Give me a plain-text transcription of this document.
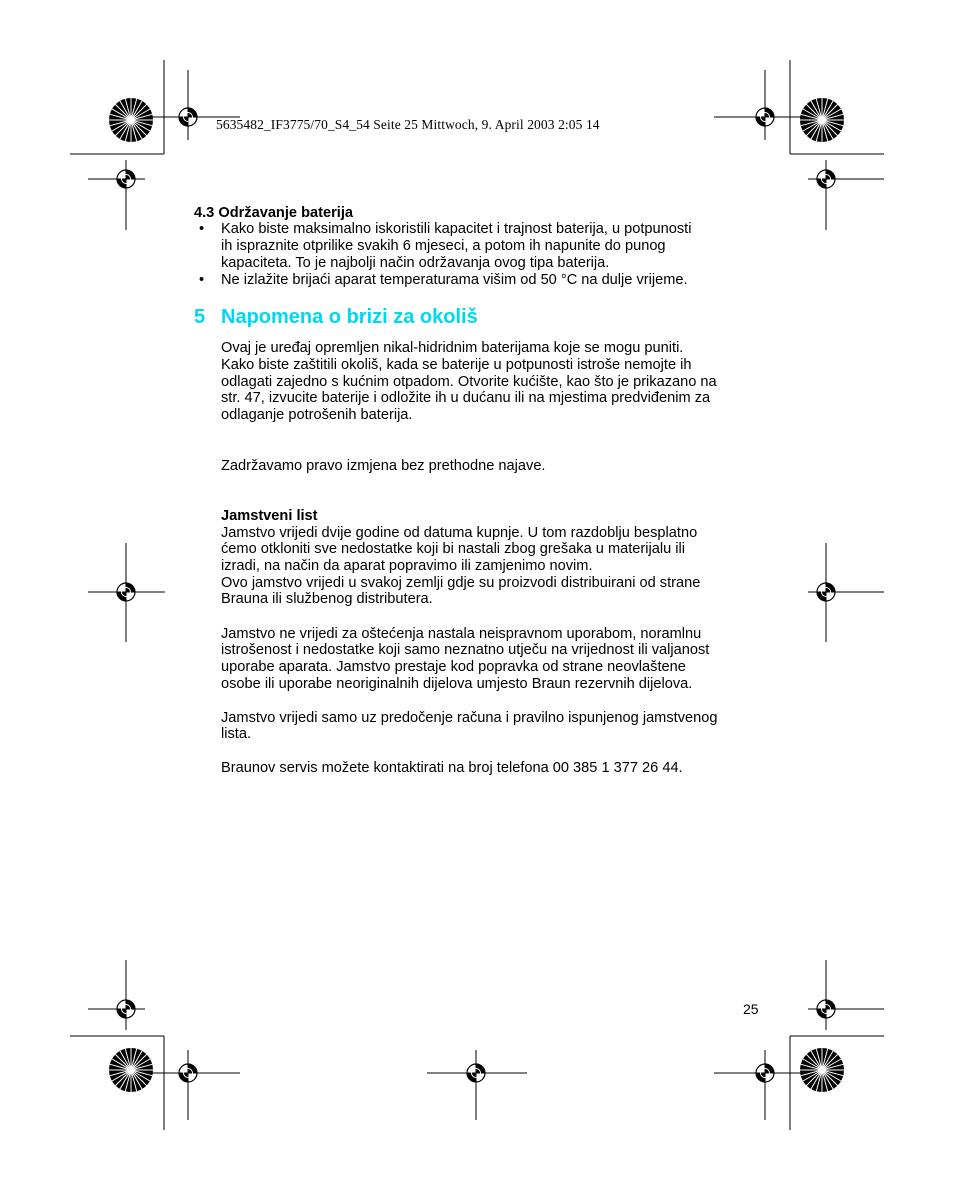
5635482_IF3775/70_S4_54 Seite 25 Mittwoch, 9. April 2003 2:05 14
4.3 Održavanje baterija
• Kako biste maksimalno iskoristili kapacitet i trajnost baterija, u potpunosti
ih ispraznite otprilike svakih 6 mjeseci, a potom ih napunite do punog
kapaciteta. To je najbolji način održavanja ovog tipa baterija.
• Ne izlažite brijaći aparat temperaturama višim od 50 °C na dulje vrijeme.
5 Napomena o brizi za okoliš
Ovaj je uređaj opremljen nikal-hidridnim baterijama koje se mogu puniti.
Kako biste zaštitili okoliš, kada se baterije u potpunosti istroše nemojte ih
odlagati zajedno s kućnim otpadom. Otvorite kućište, kao što je prikazano na
str. 47, izvucite baterije i odložite ih u dućanu ili na mjestima predviđenim za
odlaganje potrošenih baterija.
Zadržavamo pravo izmjena bez prethodne najave.
Jamstveni list
Jamstvo vrijedi dvije godine od datuma kupnje. U tom razdoblju besplatno
ćemo otkloniti sve nedostatke koji bi nastali zbog grešaka u materijalu ili
izradi, na način da aparat popravimo ili zamjenimo novim.
Ovo jamstvo vrijedi u svakoj zemlji gdje su proizvodi distribuirani od strane
Brauna ili službenog distributera.
Jamstvo ne vrijedi za oštećenja nastala neispravnom uporabom, noramlnu
istrošenost i nedostatke koji samo neznatno utječu na vrijednost ili valjanost
uporabe aparata. Jamstvo prestaje kod popravka od strane neovlaštene
osobe ili uporabe neoriginalnih dijelova umjesto Braun rezervnih dijelova.
Jamstvo vrijedi samo uz predočenje računa i pravilno ispunjenog jamstvenog
lista.
Braunov servis možete kontaktirati na broj telefona 00 385 1 377 26 44.
25
